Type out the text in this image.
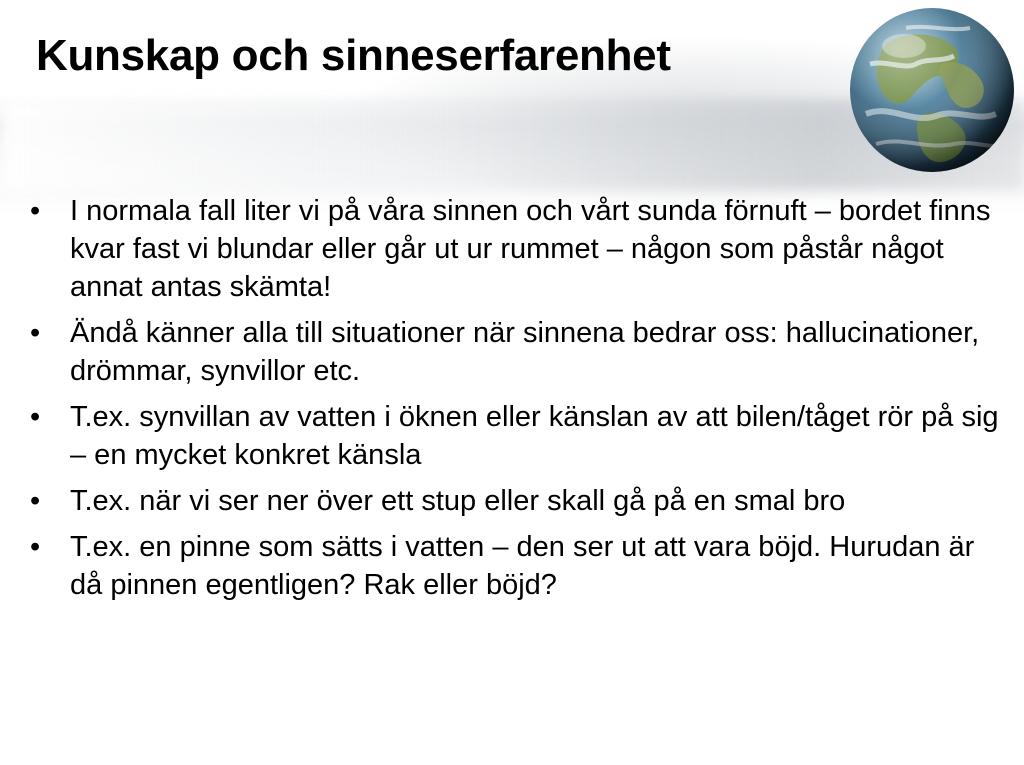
Kunskap och sinneserfarenhet
• I normala fall liter vi på våra sinnen och vårt sunda förnuft – bordet finns kvar fast vi blundar eller går ut ur rummet – någon som påstår något annat antas skämta!
• Ändå känner alla till situationer när sinnena bedrar oss: hallucinationer, drömmar, synvillor etc.
• T.ex. synvillan av vatten i öknen eller känslan av att bilen/tåget rör på sig – en mycket konkret känsla
• T.ex. när vi ser ner över ett stup eller skall gå på en smal bro
• T.ex. en pinne som sätts i vatten – den ser ut att vara böjd. Hurudan är då pinnen egentligen? Rak eller böjd?
